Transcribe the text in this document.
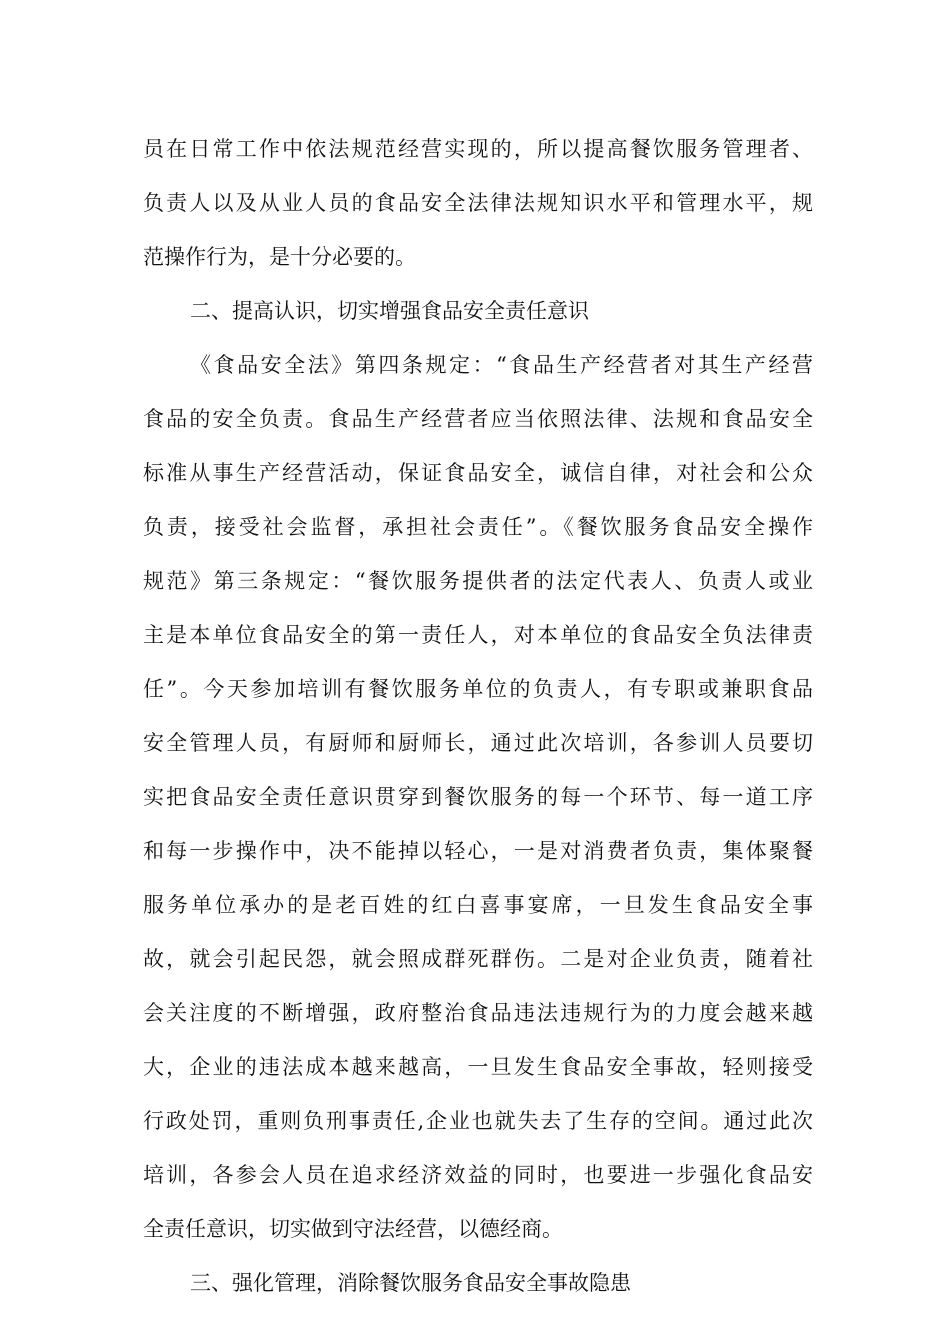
员在日常工作中依法规范经营实现的，所以提高餐饮服务管理者、
负责人以及从业人员的食品安全法律法规知识水平和管理水平，规
范操作行为，是十分必要的。
二、提高认识，切实增强食品安全责任意识
《食品安全法》第四条规定：“食品生产经营者对其生产经营
食品的安全负责。食品生产经营者应当依照法律、法规和食品安全
标准从事生产经营活动，保证食品安全，诚信自律，对社会和公众
负责，接受社会监督，承担社会责任”。《餐饮服务食品安全操作
规范》第三条规定：“餐饮服务提供者的法定代表人、负责人或业
主是本单位食品安全的第一责任人，对本单位的食品安全负法律责
任”。今天参加培训有餐饮服务单位的负责人，有专职或兼职食品
安全管理人员，有厨师和厨师长，通过此次培训，各参训人员要切
实把食品安全责任意识贯穿到餐饮服务的每一个环节、每一道工序
和每一步操作中，决不能掉以轻心，一是对消费者负责，集体聚餐
服务单位承办的是老百姓的红白喜事宴席，一旦发生食品安全事
故，就会引起民怨，就会照成群死群伤。二是对企业负责，随着社
会关注度的不断增强，政府整治食品违法违规行为的力度会越来越
大，企业的违法成本越来越高，一旦发生食品安全事故，轻则接受
行政处罚，重则负刑事责任,企业也就失去了生存的空间。通过此次
培训，各参会人员在追求经济效益的同时，也要进一步强化食品安
全责任意识，切实做到守法经营，以德经商。
三、强化管理，消除餐饮服务食品安全事故隐患
